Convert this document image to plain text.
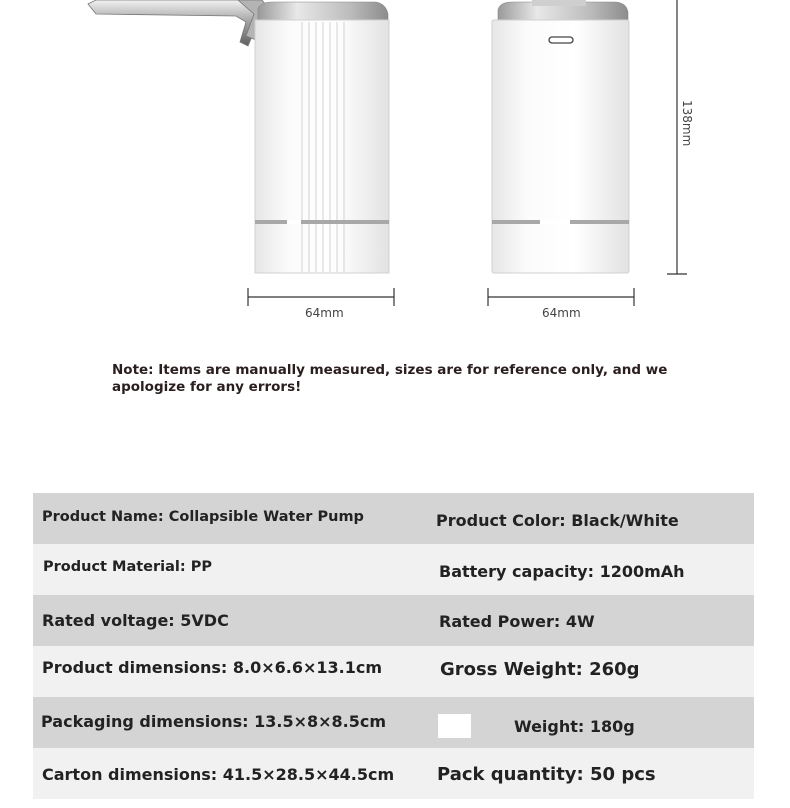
64mm	64mm
138mm
Note: Items are manually measured, sizes are for reference only, and we apologize for any errors!
Product Name: Collapsible Water Pump	Product Color: Black/White
Product Material: PP	Battery capacity: 1200mAh
Rated voltage: 5VDC	Rated Power: 4W
Product dimensions: 8.0×6.6×13.1cm	Gross Weight: 260g
Packaging dimensions: 13.5×8×8.5cm	Weight: 180g
Carton dimensions: 41.5×28.5×44.5cm Pack quantity: 50 pcs
